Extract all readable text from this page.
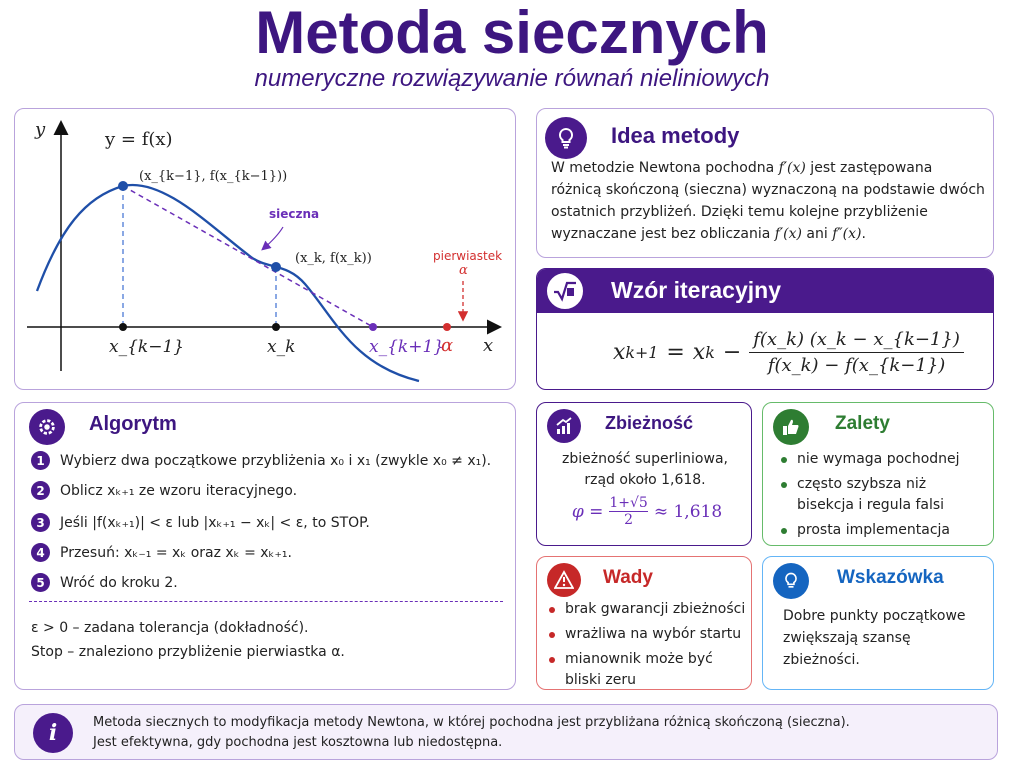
Metoda siecznych
numeryczne rozwiązywanie równań nieliniowych
y
x
y = f(x)
(x_{k−1}, f(x_{k−1}))
(x_k, f(x_k))
sieczna
pierwiastek
α
x_{k−1}	x_k	x_{k+1}
α
Idea metody
W metodzie Newtona pochodna f′(x) jest zastępowana różnicą skończoną (sieczna) wyznaczoną na podstawie dwóch ostatnich przybliżeń. Dzięki temu kolejne przybliżenie wyznaczane jest bez obliczania f′(x) ani f″(x).
Wzór iteracyjny
x k+1 = x k −
f(x_k) (x_k − x_{k−1})
f(x_k) − f(x_{k−1})
Algorytm
1	Wybierz dwa początkowe przybliżenia x₀ i x₁ (zwykle x₀ ≠ x₁).
2	Oblicz xₖ₊₁ ze wzoru iteracyjnego.
3	Jeśli |f(xₖ₊₁)| < ε lub |xₖ₊₁ − xₖ| < ε, to STOP.
4	Przesuń: xₖ₋₁ = xₖ oraz xₖ = xₖ₊₁.
5	Wróć do kroku 2.
ε > 0 – zadana tolerancja (dokładność).
Stop – znaleziono przybliżenie pierwiastka α.
Zbieżność
zbieżność superliniowa, rząd około 1,618.
φ = 1+√5
2 ≈ 1,618
Zalety
nie wymaga pochodnej
często szybsza niż bisekcja i regula falsi
prosta implementacja
Wady
brak gwarancji zbieżności
wrażliwa na wybór startu
mianownik może być bliski zeru
Wskazówka
Dobre punkty początkowe zwiększają szansę zbieżności.
i	Metoda siecznych to modyfikacja metody Newtona, w której pochodna jest przybliżana różnicą skończoną (sieczna).
Jest efektywna, gdy pochodna jest kosztowna lub niedostępna.
